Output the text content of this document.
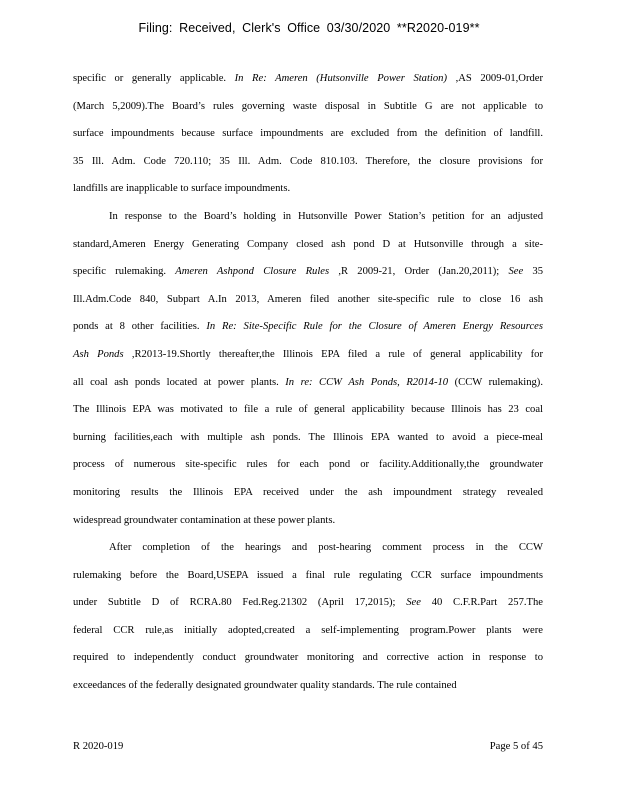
Filing: Received, Clerk's Office 03/30/2020 **R2020-019**
specific or generally applicable. In Re: Ameren (Hutsonville Power Station) ,AS 2009-01,Order
(March 5,2009).The Board’s rules governing waste disposal in Subtitle G are not applicable to
surface impoundments because surface impoundments are excluded from the definition of landfill.
35 Ill. Adm. Code 720.110; 35 Ill. Adm. Code 810.103. Therefore, the closure provisions for
landfills are inapplicable to surface impoundments.
In response to the Board’s holding in Hutsonville Power Station’s petition for an adjusted
standard,Ameren Energy Generating Company closed ash pond D at Hutsonville through a site-
specific rulemaking. Ameren Ashpond Closure Rules ,R 2009-21, Order (Jan.20,2011); See 35
Ill.Adm.Code 840, Subpart A.In 2013, Ameren filed another site-specific rule to close 16 ash
ponds at 8 other facilities. In Re: Site-Specific Rule for the Closure of Ameren Energy Resources
Ash Ponds ,R2013-19.Shortly thereafter,the Illinois EPA filed a rule of general applicability for
all coal ash ponds located at power plants. In re: CCW Ash Ponds, R2014-10 (CCW rulemaking).
The Illinois EPA was motivated to file a rule of general applicability because Illinois has 23 coal
burning facilities,each with multiple ash ponds. The Illinois EPA wanted to avoid a piece-meal
process of numerous site-specific rules for each pond or facility.Additionally,the groundwater
monitoring results the Illinois EPA received under the ash impoundment strategy revealed
widespread groundwater contamination at these power plants.
After completion of the hearings and post-hearing comment process in the CCW
rulemaking before the Board,USEPA issued a final rule regulating CCR surface impoundments
under Subtitle D of RCRA.80 Fed.Reg.21302 (April 17,2015); See 40 C.F.R.Part 257.The
federal CCR rule,as initially adopted,created a self-implementing program.Power plants were
required to independently conduct groundwater monitoring and corrective action in response to
exceedances of the federally designated groundwater quality standards. The rule contained
R 2020-019	Page 5 of 45
